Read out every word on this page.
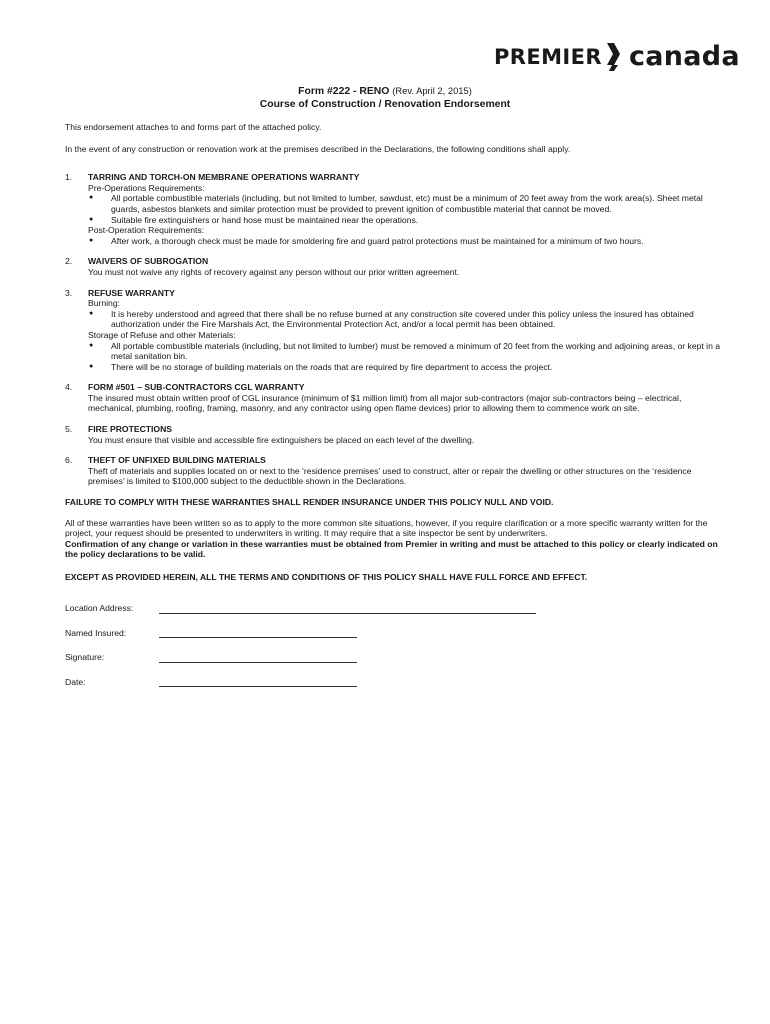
PREMIER canada
Form #222 - RENO (Rev. April 2, 2015)
Course of Construction / Renovation Endorsement

This endorsement attaches to and forms part of the attached policy.

In the event of any construction or renovation work at the premises described in the Declarations, the following conditions shall apply.

1. TARRING AND TORCH-ON MEMBRANE OPERATIONS WARRANTY
Pre-Operations Requirements:
● All portable combustible materials (including, but not limited to lumber, sawdust, etc) must be a minimum of 20 feet away from the work area(s). Sheet metal guards, asbestos blankets and similar protection must be provided to prevent ignition of combustible material that cannot be moved.
● Suitable fire extinguishers or hand hose must be maintained near the operations.
Post-Operation Requirements:
● After work, a thorough check must be made for smoldering fire and guard patrol protections must be maintained for a minimum of two hours.
2. WAIVERS OF SUBROGATION
You must not waive any rights of recovery against any person without our prior written agreement.
3. REFUSE WARRANTY
Burning:
● It is hereby understood and agreed that there shall be no refuse burned at any construction site covered under this policy unless the insured has obtained authorization under the Fire Marshals Act, the Environmental Protection Act, and/or a local permit has been obtained.
Storage of Refuse and other Materials:
● All portable combustible materials (including, but not limited to lumber) must be removed a minimum of 20 feet from the working and adjoining areas, or kept in a metal sanitation bin.
● There will be no storage of building materials on the roads that are required by fire department to access the project.
4. FORM #501 – SUB-CONTRACTORS CGL WARRANTY
The insured must obtain written proof of CGL insurance (minimum of $1 million limit) from all major sub-contractors (major sub-contractors being – electrical, mechanical, plumbing, roofing, framing, masonry, and any contractor using open flame devices) prior to allowing them to commence work on site.
5. FIRE PROTECTIONS
You must ensure that visible and accessible fire extinguishers be placed on each level of the dwelling.
6. THEFT OF UNFIXED BUILDING MATERIALS
Theft of materials and supplies located on or next to the ‘residence premises’ used to construct, alter or repair the dwelling or other structures on the ‘residence premises’ is limited to $100,000 subject to the deductible shown in the Declarations.

FAILURE TO COMPLY WITH THESE WARRANTIES SHALL RENDER INSURANCE UNDER THIS POLICY NULL AND VOID.

All of these warranties have been written so as to apply to the more common site situations, however, if you require clarification or a more specific warranty written for the project, your request should be presented to underwriters in writing. It may require that a site inspector be sent by underwriters.

Confirmation of any change or variation in these warranties must be obtained from Premier in writing and must be attached to this policy or clearly indicated on the policy declarations to be valid.

EXCEPT AS PROVIDED HEREIN, ALL THE TERMS AND CONDITIONS OF THIS POLICY SHALL HAVE FULL FORCE AND EFFECT.

Location Address:
Named Insured:
Signature:
Date:
